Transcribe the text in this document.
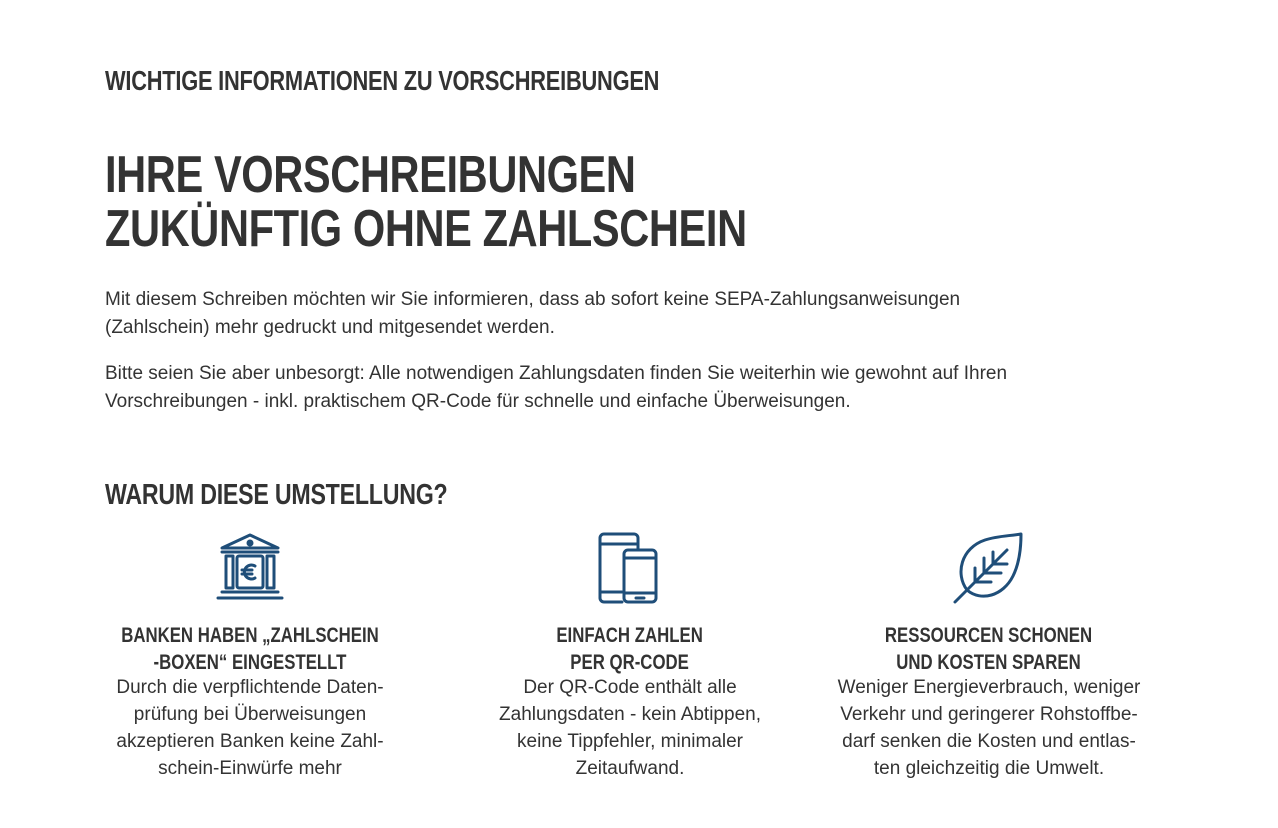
WICHTIGE INFORMATIONEN ZU VORSCHREIBUNGEN
IHRE VORSCHREIBUNGEN
ZUKÜNFTIG OHNE ZAHLSCHEIN

Mit diesem Schreiben möchten wir Sie informieren, dass ab sofort keine SEPA-Zahlungsanweisungen (Zahlschein) mehr gedruckt und mitgesendet werden.

Bitte seien Sie aber unbesorgt: Alle notwendigen Zahlungsdaten finden Sie weiterhin wie gewohnt auf Ihren Vorschreibungen - inkl. praktischem QR-Code für schnelle und einfache Überweisungen.

WARUM DIESE UMSTELLUNG?
BANKEN HABEN „ZAHLSCHEIN
-BOXEN“ EINGESTELLT
Durch die verpflichtende Daten-
prüfung bei Überweisungen
akzeptieren Banken keine Zahl-
schein-Einwürfe mehr
EINFACH ZAHLEN
PER QR-CODE
Der QR-Code enthält alle
Zahlungsdaten - kein Abtippen,
keine Tippfehler, minimaler
Zeitaufwand.
RESSOURCEN SCHONEN
UND KOSTEN SPAREN
Weniger Energieverbrauch, weniger
Verkehr und geringerer Rohstoffbe-
darf senken die Kosten und entlas-
ten gleichzeitig die Umwelt.
